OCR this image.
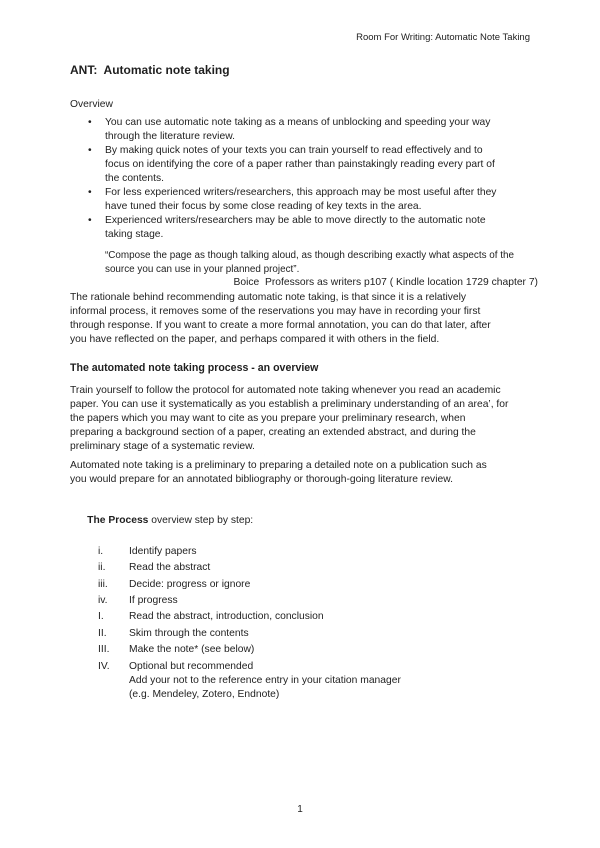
Room For Writing: Automatic Note Taking
ANT:  Automatic note taking
Overview
• You can use automatic note taking as a means of unblocking and speeding your way
through the literature review.
• By making quick notes of your texts you can train yourself to read effectively and to
focus on identifying the core of a paper rather than painstakingly reading every part of
the contents.
• For less experienced writers/researchers, this approach may be most useful after they
have tuned their focus by some close reading of key texts in the area.
• Experienced writers/researchers may be able to move directly to the automatic note
taking stage.
“Compose the page as though talking aloud, as though describing exactly what aspects of the
source you can use in your planned project”.
Boice  Professors as writers p107 ( Kindle location 1729 chapter 7)
The rationale behind recommending automatic note taking, is that since it is a relatively
informal process, it removes some of the reservations you may have in recording your first
through response. If you want to create a more formal annotation, you can do that later, after
you have reflected on the paper, and perhaps compared it with others in the field.
The automated note taking process - an overview
Train yourself to follow the protocol for automated note taking whenever you read an academic
paper. You can use it systematically as you establish a preliminary understanding of an area’, for
the papers which you may want to cite as you prepare your preliminary research, when
preparing a background section of a paper, creating an extended abstract, and during the
preliminary stage of a systematic review.
Automated note taking is a preliminary to preparing a detailed note on a publication such as
you would prepare for an annotated bibliography or thorough-going literature review.

The Process overview step by step:

i.	Identify papers
ii. Read the abstract
iii. Decide: progress or ignore
iv. If progress
I. Read the abstract, introduction, conclusion
II. Skim through the contents
III. Make the note* (see below)
IV. Optional but recommended
Add your not to the reference entry in your citation manager
(e.g. Mendeley, Zotero, Endnote)
1
